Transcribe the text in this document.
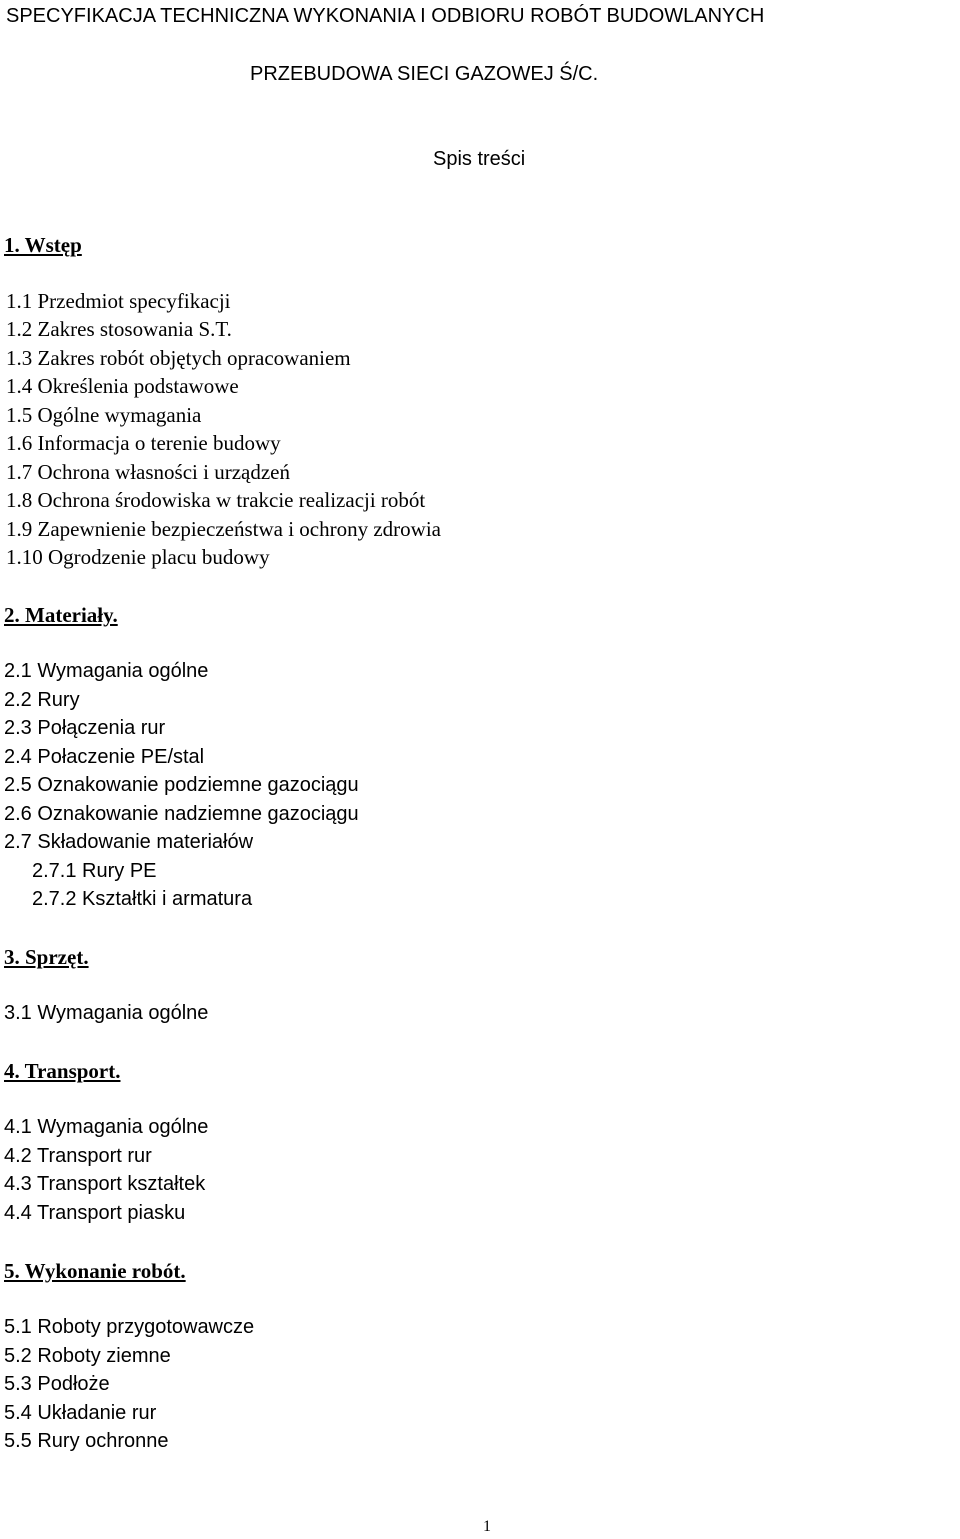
SPECYFIKACJA TECHNICZNA WYKONANIA I ODBIORU ROBÓT BUDOWLANYCH
PRZEBUDOWA SIECI GAZOWEJ Ś/C.
Spis treści
1. Wstęp
1.1 Przedmiot specyfikacji
1.2 Zakres stosowania S.T.
1.3 Zakres robót objętych opracowaniem
1.4 Określenia podstawowe
1.5 Ogólne wymagania
1.6 Informacja o terenie budowy
1.7 Ochrona własności i urządzeń
1.8 Ochrona środowiska w trakcie realizacji robót
1.9 Zapewnienie bezpieczeństwa i ochrony zdrowia
1.10 Ogrodzenie placu budowy
2. Materiały.
2.1 Wymagania ogólne
2.2 Rury
2.3 Połączenia rur
2.4 Połaczenie PE/stal
2.5 Oznakowanie podziemne gazociągu
2.6 Oznakowanie nadziemne gazociągu
2.7 Składowanie materiałów
2.7.1 Rury PE
2.7.2 Kształtki i armatura
3. Sprzęt.
3.1 Wymagania ogólne
4. Transport.
4.1 Wymagania ogólne
4.2 Transport rur
4.3 Transport kształtek
4.4 Transport piasku
5. Wykonanie robót.
5.1 Roboty przygotowawcze
5.2 Roboty ziemne
5.3 Podłoże
5.4 Układanie rur
5.5 Rury ochronne
1
